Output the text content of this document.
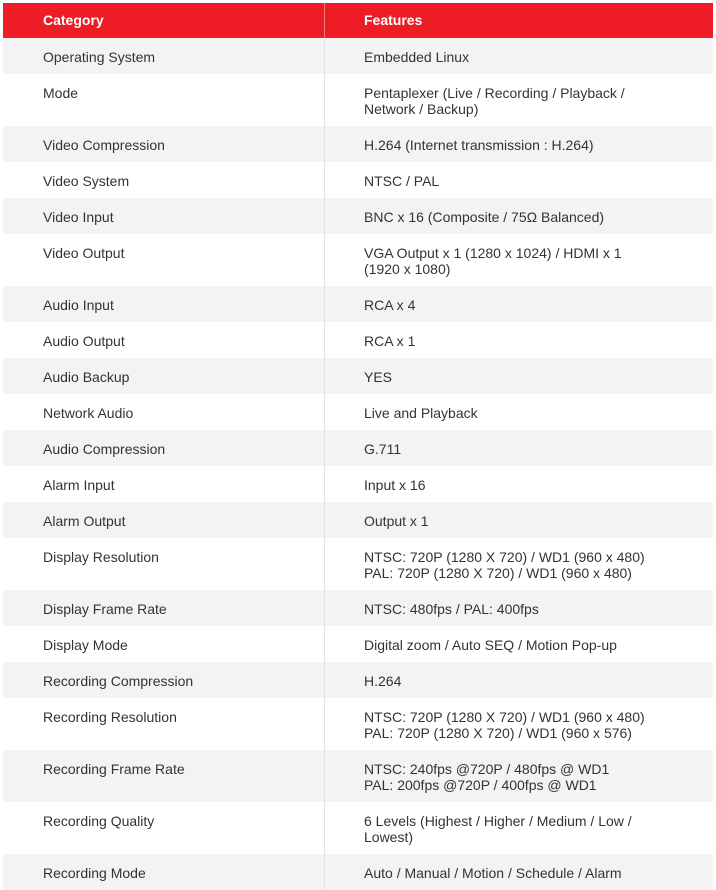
Category	Features
Operating System	Embedded Linux
Mode	Pentaplexer (Live / Recording / Playback / Network / Backup)
Video Compression	H.264 (Internet transmission : H.264)
Video System	NTSC / PAL
Video Input	BNC x 16 (Composite / 75Ω Balanced)
Video Output	VGA Output x 1 (1280 x 1024) / HDMI x 1 (1920 x 1080)
Audio Input	RCA x 4
Audio Output	RCA x 1
Audio Backup	YES
Network Audio	Live and Playback
Audio Compression	G.711
Alarm Input	Input x 16
Alarm Output	Output x 1
Display Resolution	NTSC: 720P (1280 X 720) / WD1 (960 x 480)
PAL: 720P (1280 X 720) / WD1 (960 x 480)
Display Frame Rate	NTSC: 480fps / PAL: 400fps
Display Mode	Digital zoom / Auto SEQ / Motion Pop-up
Recording Compression	H.264
Recording Resolution	NTSC: 720P (1280 X 720) / WD1 (960 x 480)
PAL: 720P (1280 X 720) / WD1 (960 x 576)
Recording Frame Rate	NTSC: 240fps @720P / 480fps @ WD1
PAL: 200fps @720P / 400fps @ WD1
Recording Quality	6 Levels (Highest / Higher / Medium / Low / Lowest)
Recording Mode	Auto / Manual / Motion / Schedule / Alarm
